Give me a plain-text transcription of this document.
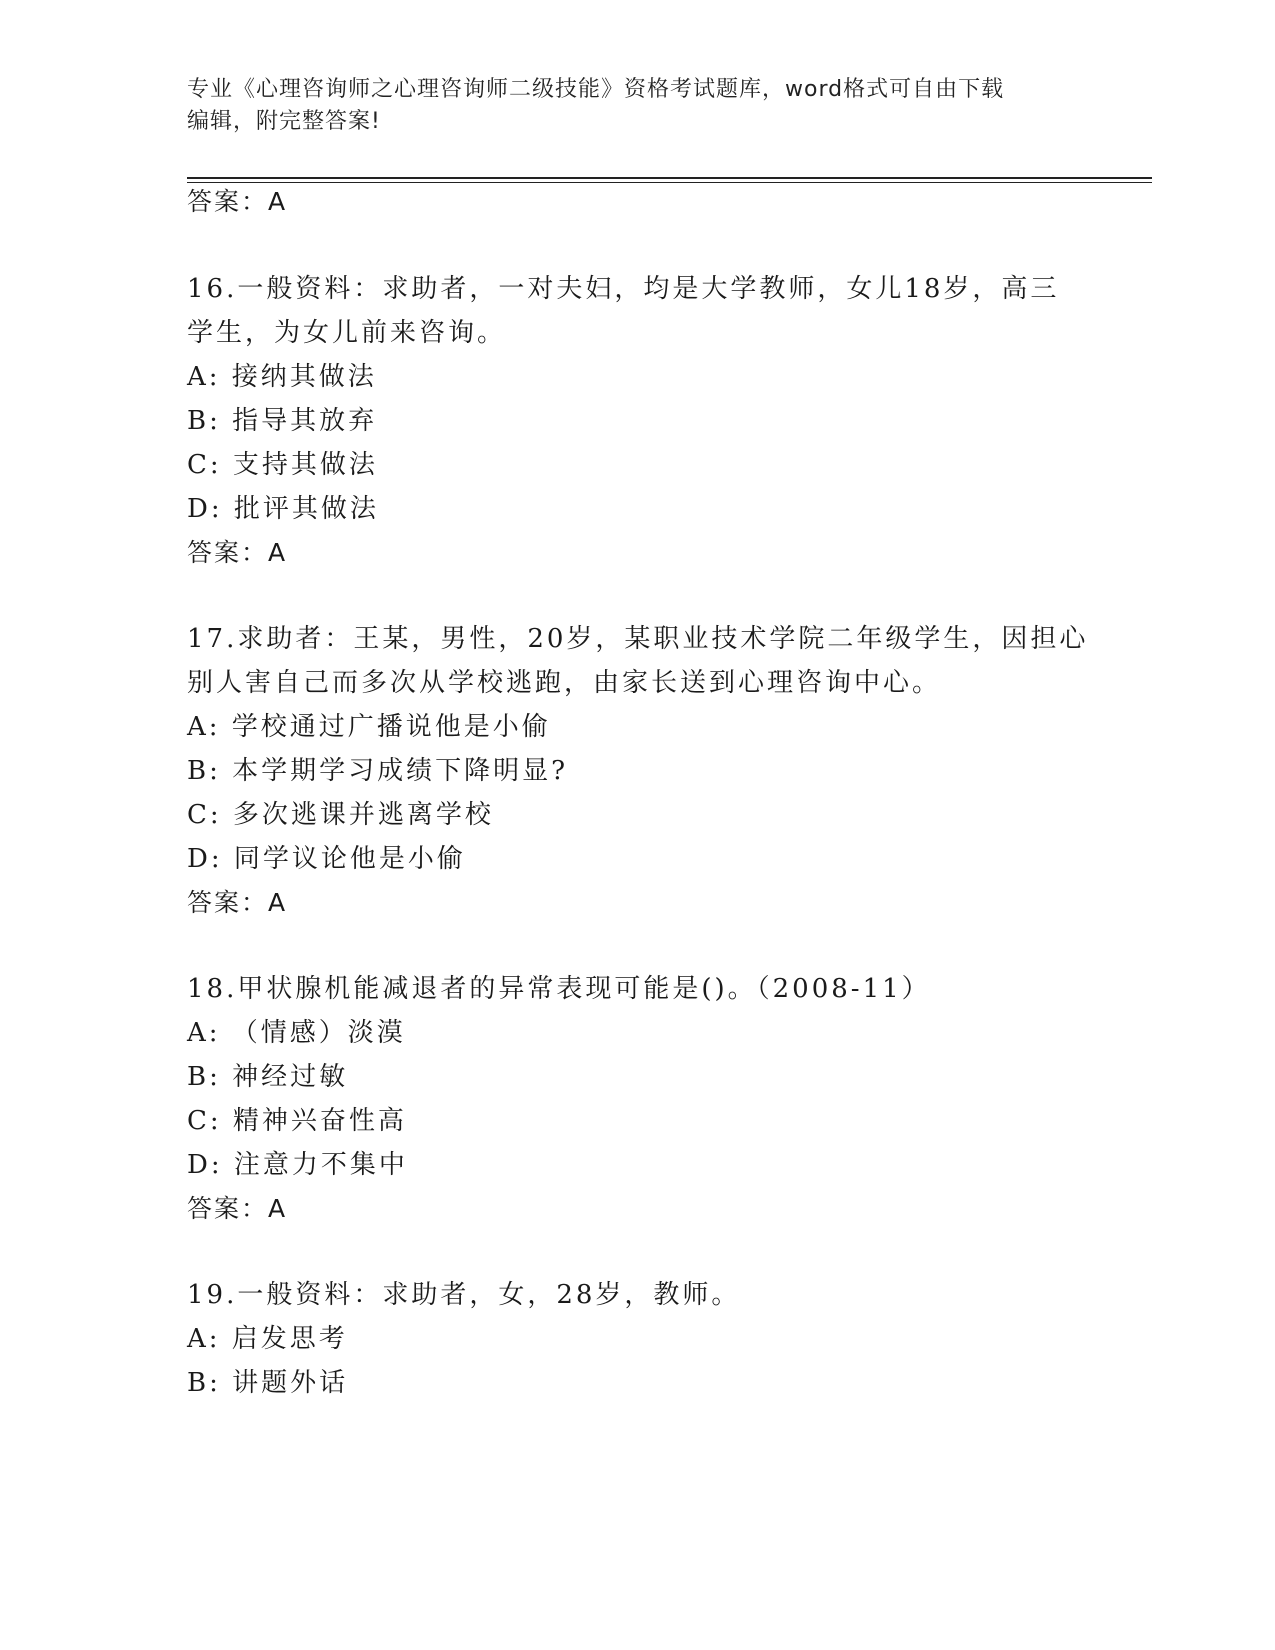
专业《心理咨询师之心理咨询师二级技能》资格考试题库，word格式可自由下载
编辑，附完整答案!
答案：A
16.一般资料：求助者，一对夫妇，均是大学教师，女儿18岁，高三
学生，为女儿前来咨询。
A: 接纳其做法
B: 指导其放弃
C: 支持其做法
D: 批评其做法
答案：A
17.求助者：王某，男性，20岁，某职业技术学院二年级学生，因担心
别人害自己而多次从学校逃跑，由家长送到心理咨询中心。
A: 学校通过广播说他是小偷
B: 本学期学习成绩下降明显?
C: 多次逃课并逃离学校
D: 同学议论他是小偷
答案：A
18.甲状腺机能减退者的异常表现可能是()。（2008-11）
A: （情感）淡漠
B: 神经过敏
C: 精神兴奋性高
D: 注意力不集中
答案：A
19.一般资料：求助者，女，28岁，教师。
A: 启发思考
B: 讲题外话
